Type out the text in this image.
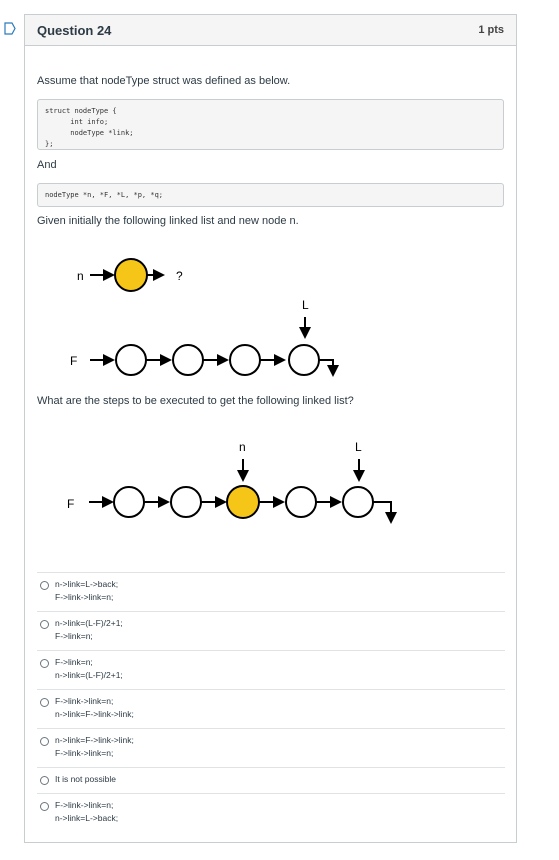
Question 24	1 pts
Assume that nodeType struct was defined as below.
struct nodeType {
int info;
nodeType *link;
};
And
nodeType *n, *F, *L, *p, *q;
Given initially the following linked list and new node n.
n	?
L
F
What are the steps to be executed to get the following linked list?
n	L
F
n->link=L->back;
F->link->link=n;
n->link=(L-F)/2+1;
F->link=n;
F->link=n;
n->link=(L-F)/2+1;
F->link->link=n;
n->link=F->link->link;
n->link=F->link->link;
F->link->link=n;
It is not possible
F->link->link=n;
n->link=L->back;
